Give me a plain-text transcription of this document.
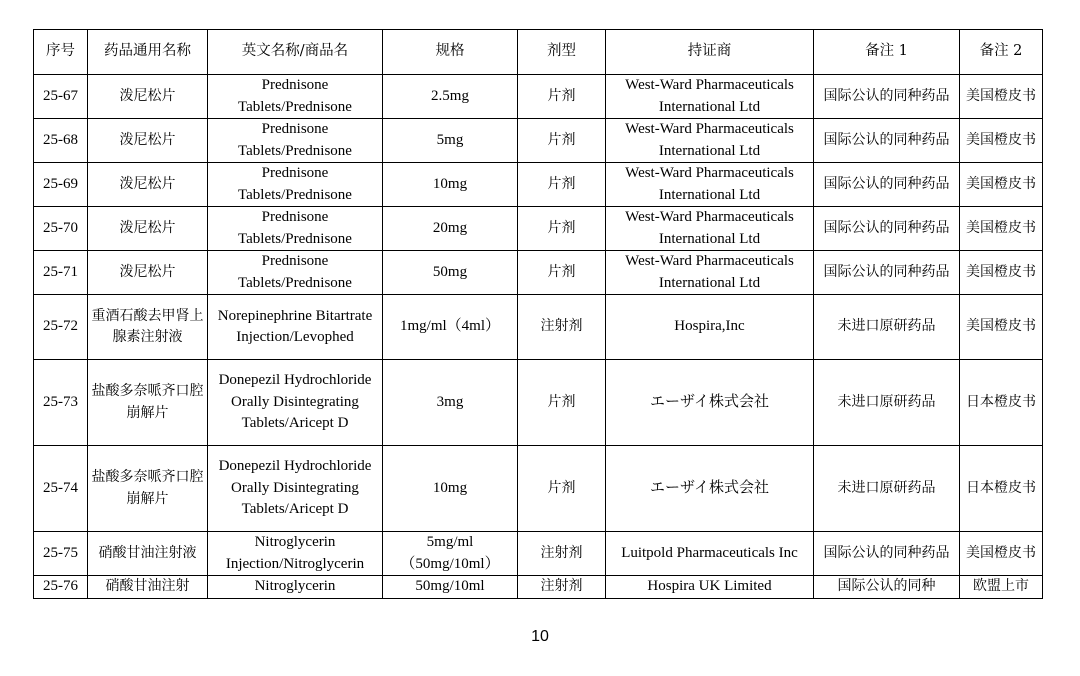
序号	药品通用名称	英文名称/商品名	规格	剂型	持证商	备注 1	备注 2
25-67	泼尼松片	Prednisone Tablets/Prednisone	2.5mg	片剂	West-Ward Pharmaceuticals International Ltd	国际公认的同种药品	美国橙皮书
25-68	泼尼松片	Prednisone Tablets/Prednisone	5mg	片剂	West-Ward Pharmaceuticals International Ltd	国际公认的同种药品	美国橙皮书
25-69	泼尼松片	Prednisone Tablets/Prednisone	10mg	片剂	West-Ward Pharmaceuticals International Ltd	国际公认的同种药品	美国橙皮书
25-70	泼尼松片	Prednisone Tablets/Prednisone	20mg	片剂	West-Ward Pharmaceuticals International Ltd	国际公认的同种药品	美国橙皮书
25-71	泼尼松片	Prednisone Tablets/Prednisone	50mg	片剂	West-Ward Pharmaceuticals International Ltd	国际公认的同种药品	美国橙皮书
25-72	重酒石酸去甲肾上腺素注射液	Norepinephrine Bitartrate Injection/Levophed	1mg/ml（4ml）	注射剂	Hospira,Inc	未进口原研药品	美国橙皮书
25-73	盐酸多奈哌齐口腔崩解片	Donepezil Hydrochloride Orally Disintegrating Tablets/Aricept D	3mg	片剂	エーザイ株式会社	未进口原研药品	日本橙皮书
25-74	盐酸多奈哌齐口腔崩解片	Donepezil Hydrochloride Orally Disintegrating Tablets/Aricept D	10mg	片剂	エーザイ株式会社	未进口原研药品	日本橙皮书
25-75	硝酸甘油注射液	Nitroglycerin Injection/Nitroglycerin	5mg/ml（50mg/10ml）	注射剂	Luitpold Pharmaceuticals Inc	国际公认的同种药品	美国橙皮书
25-76	硝酸甘油注射	Nitroglycerin	50mg/10ml	注射剂	Hospira UK Limited	国际公认的同种	欧盟上市
10
